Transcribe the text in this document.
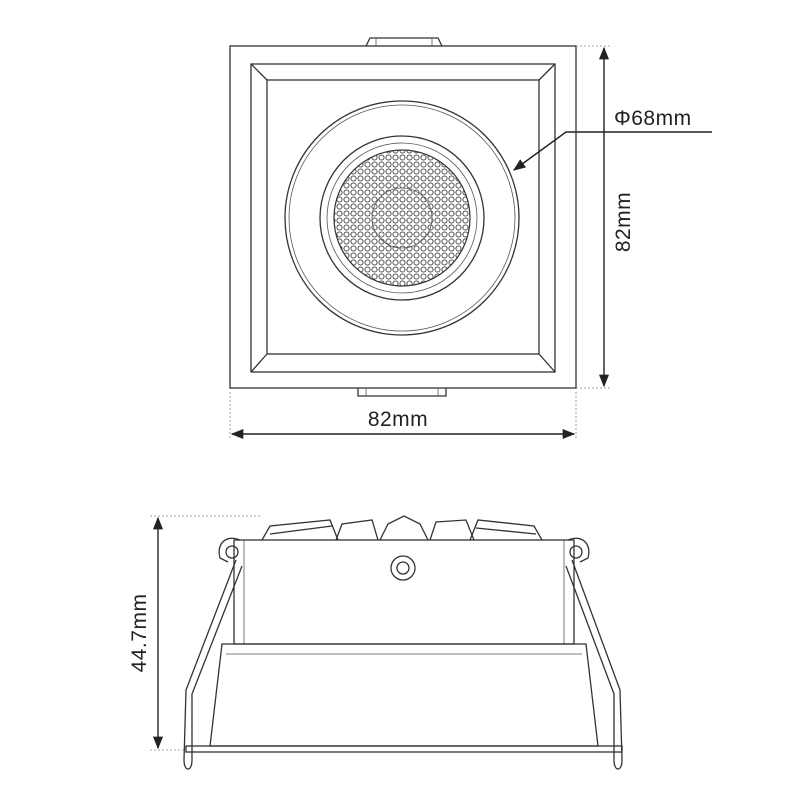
Φ68mm
82mm
82mm
44.7mm
